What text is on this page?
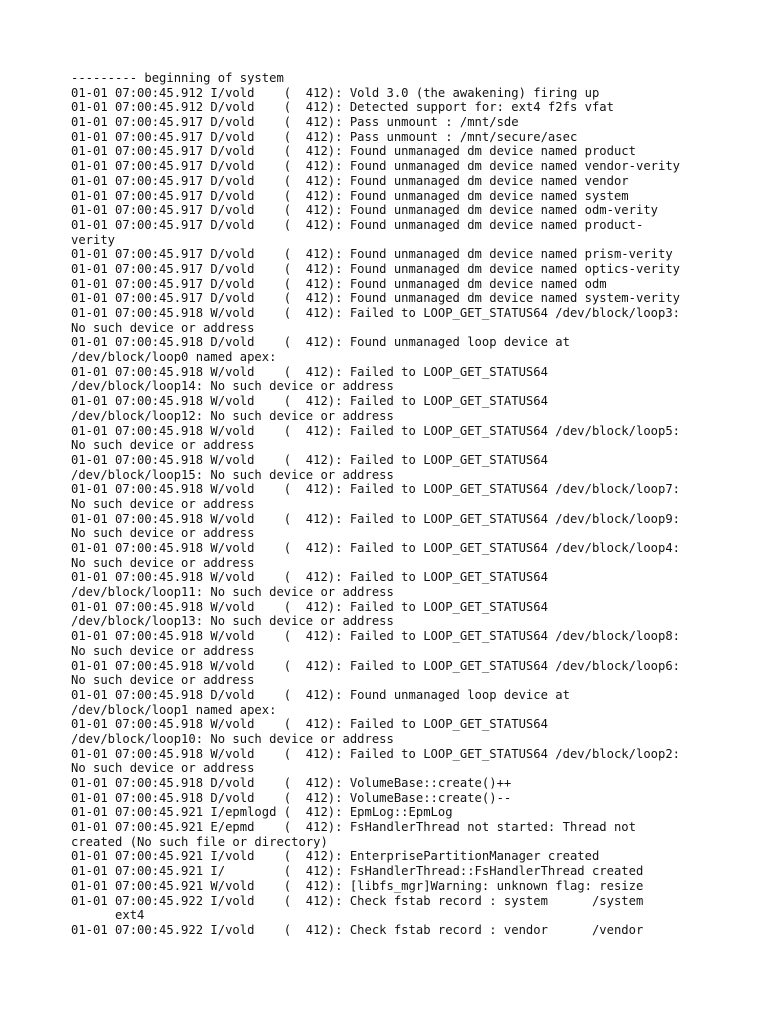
--------- beginning of system
01-01 07:00:45.912 I/vold    (  412): Vold 3.0 (the awakening) firing up
01-01 07:00:45.912 D/vold    (  412): Detected support for: ext4 f2fs vfat
01-01 07:00:45.917 D/vold    (  412): Pass unmount : /mnt/sde
01-01 07:00:45.917 D/vold    (  412): Pass unmount : /mnt/secure/asec
01-01 07:00:45.917 D/vold    (  412): Found unmanaged dm device named product
01-01 07:00:45.917 D/vold    (  412): Found unmanaged dm device named vendor-verity
01-01 07:00:45.917 D/vold    (  412): Found unmanaged dm device named vendor
01-01 07:00:45.917 D/vold    (  412): Found unmanaged dm device named system
01-01 07:00:45.917 D/vold    (  412): Found unmanaged dm device named odm-verity
01-01 07:00:45.917 D/vold    (  412): Found unmanaged dm device named product-
verity
01-01 07:00:45.917 D/vold    (  412): Found unmanaged dm device named prism-verity
01-01 07:00:45.917 D/vold    (  412): Found unmanaged dm device named optics-verity
01-01 07:00:45.917 D/vold    (  412): Found unmanaged dm device named odm
01-01 07:00:45.917 D/vold    (  412): Found unmanaged dm device named system-verity
01-01 07:00:45.918 W/vold    (  412): Failed to LOOP_GET_STATUS64 /dev/block/loop3:
No such device or address
01-01 07:00:45.918 D/vold    (  412): Found unmanaged loop device at
/dev/block/loop0 named apex:
01-01 07:00:45.918 W/vold    (  412): Failed to LOOP_GET_STATUS64
/dev/block/loop14: No such device or address
01-01 07:00:45.918 W/vold    (  412): Failed to LOOP_GET_STATUS64
/dev/block/loop12: No such device or address
01-01 07:00:45.918 W/vold    (  412): Failed to LOOP_GET_STATUS64 /dev/block/loop5:
No such device or address
01-01 07:00:45.918 W/vold    (  412): Failed to LOOP_GET_STATUS64
/dev/block/loop15: No such device or address
01-01 07:00:45.918 W/vold    (  412): Failed to LOOP_GET_STATUS64 /dev/block/loop7:
No such device or address
01-01 07:00:45.918 W/vold    (  412): Failed to LOOP_GET_STATUS64 /dev/block/loop9:
No such device or address
01-01 07:00:45.918 W/vold    (  412): Failed to LOOP_GET_STATUS64 /dev/block/loop4:
No such device or address
01-01 07:00:45.918 W/vold    (  412): Failed to LOOP_GET_STATUS64
/dev/block/loop11: No such device or address
01-01 07:00:45.918 W/vold    (  412): Failed to LOOP_GET_STATUS64
/dev/block/loop13: No such device or address
01-01 07:00:45.918 W/vold    (  412): Failed to LOOP_GET_STATUS64 /dev/block/loop8:
No such device or address
01-01 07:00:45.918 W/vold    (  412): Failed to LOOP_GET_STATUS64 /dev/block/loop6:
No such device or address
01-01 07:00:45.918 D/vold    (  412): Found unmanaged loop device at
/dev/block/loop1 named apex:
01-01 07:00:45.918 W/vold    (  412): Failed to LOOP_GET_STATUS64
/dev/block/loop10: No such device or address
01-01 07:00:45.918 W/vold    (  412): Failed to LOOP_GET_STATUS64 /dev/block/loop2:
No such device or address
01-01 07:00:45.918 D/vold    (  412): VolumeBase::create()++
01-01 07:00:45.918 D/vold    (  412): VolumeBase::create()--
01-01 07:00:45.921 I/epmlogd (  412): EpmLog::EpmLog
01-01 07:00:45.921 E/epmd    (  412): FsHandlerThread not started: Thread not
created (No such file or directory)
01-01 07:00:45.921 I/vold    (  412): EnterprisePartitionManager created
01-01 07:00:45.921 I/        (  412): FsHandlerThread::FsHandlerThread created
01-01 07:00:45.921 W/vold    (  412): [libfs_mgr]Warning: unknown flag: resize
01-01 07:00:45.922 I/vold    (  412): Check fstab record : system      /system
ext4
01-01 07:00:45.922 I/vold    (  412): Check fstab record : vendor      /vendor
